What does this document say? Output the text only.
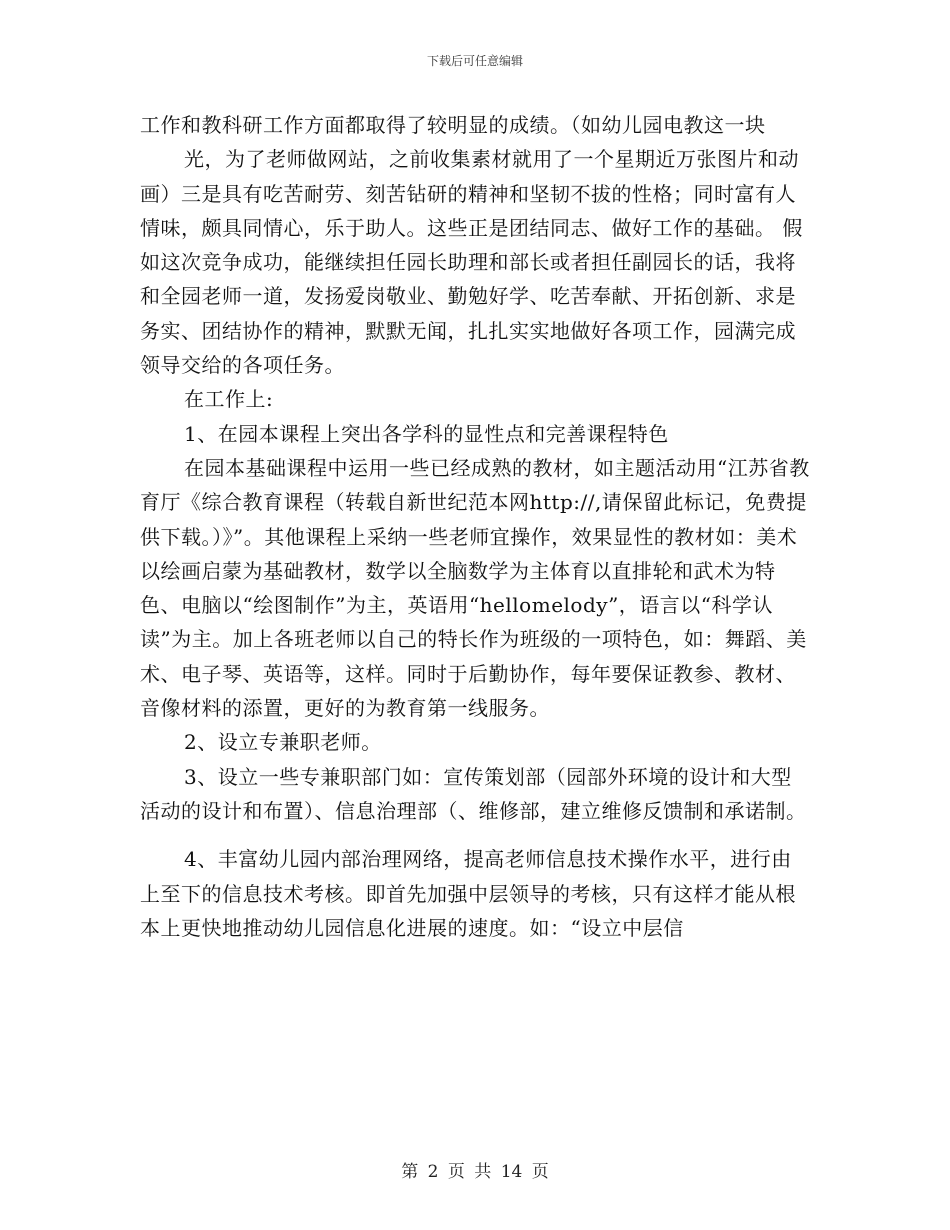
下载后可任意编辑

工作和教科研工作方面都取得了较明显的成绩。（如幼儿园电教这一块

光，为了老师做网站，之前收集素材就用了一个星期近万张图片和动画）三是具有吃苦耐劳、刻苦钻研的精神和坚韧不拔的性格；同时富有人情味，颇具同情心，乐于助人。这些正是团结同志、做好工作的基础。 假如这次竞争成功，能继续担任园长助理和部长或者担任副园长的话，我将和全园老师一道，发扬爱岗敬业、勤勉好学、吃苦奉献、开拓创新、求是务实、团结协作的精神，默默无闻，扎扎实实地做好各项工作，园满完成领导交给的各项任务。

在工作上:

1、在园本课程上突出各学科的显性点和完善课程特色

在园本基础课程中运用一些已经成熟的教材，如主题活动用“江苏省教育厅《综合教育课程（转载自新世纪范本网http://,请保留此标记，免费提供下载。）》”。其他课程上采纳一些老师宜操作，效果显性的教材如：美术以绘画启蒙为基础教材，数学以全脑数学为主体育以直排轮和武术为特色、电脑以“绘图制作”为主，英语用“hellomelody”，语言以“科学认读”为主。加上各班老师以自己的特长作为班级的一项特色，如：舞蹈、美术、电子琴、英语等，这样。同时于后勤协作，每年要保证教参、教材、音像材料的添置，更好的为教育第一线服务。

2、设立专兼职老师。

3、设立一些专兼职部门如：宣传策划部（园部外环境的设计和大型活动的设计和布置）、信息治理部（、维修部，建立维修反馈制和承诺制。

4、丰富幼儿园内部治理网络，提高老师信息技术操作水平，进行由上至下的信息技术考核。即首先加强中层领导的考核，只有这样才能从根本上更快地推动幼儿园信息化进展的速度。如：“设立中层信

第 2 页 共 14 页
